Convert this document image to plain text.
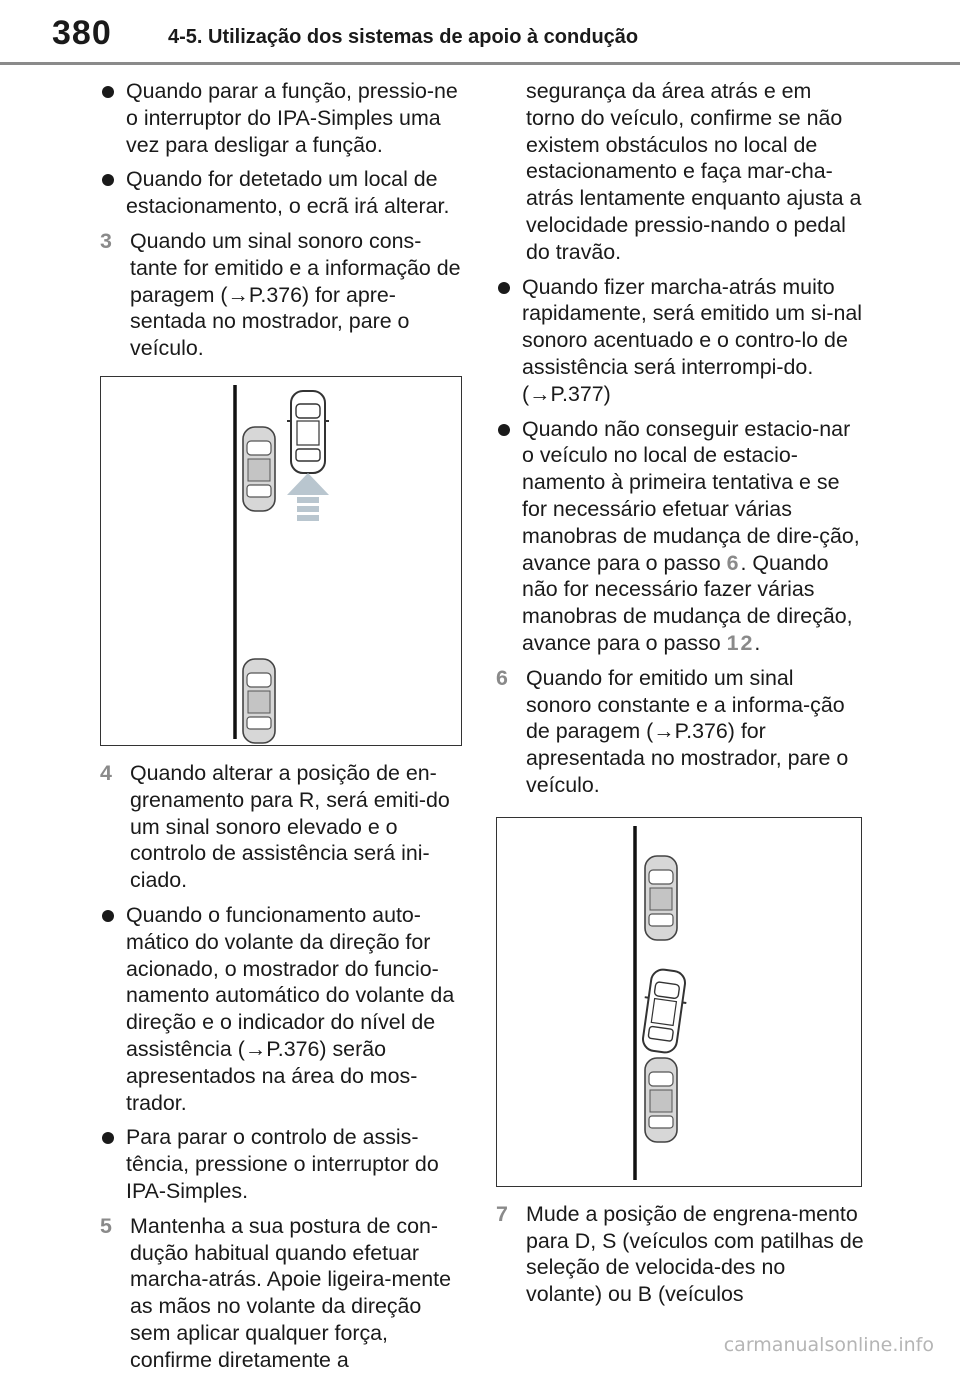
380	4-5. Utilização dos sistemas de apoio à condução
Quando parar a função, pressio-ne o interruptor do IPA-Simples uma vez para desligar a função.
Quando for detetado um local de estacionamento, o ecrã irá alterar.
3 Quando um sinal sonoro cons-tante for emitido e a informação de paragem (→P.376) for apre-sentada no mostrador, pare o veículo.
4 Quando alterar a posição de en-grenamento para R, será emiti-do um sinal sonoro elevado e o controlo de assistência será ini-ciado.
Quando o funcionamento auto-mático do volante da direção for acionado, o mostrador do funcio-namento automático do volante da direção e o indicador do nível de assistência (→P.376) serão apresentados na área do mos-trador.
Para parar o controlo de assis-tência, pressione o interruptor do IPA-Simples.
5 Mantenha a sua postura de con-dução habitual quando efetuar marcha-atrás. Apoie ligeira-mente as mãos no volante da direção sem aplicar qualquer força, confirme diretamente a
segurança da área atrás e em torno do veículo, confirme se não existem obstáculos no local de estacionamento e faça mar-cha-atrás lentamente enquanto ajusta a velocidade pressio-nando o pedal do travão.
Quando fizer marcha-atrás muito rapidamente, será emitido um si-nal sonoro acentuado e o contro-lo de assistência será interrompi-do. (→P.377)
Quando não conseguir estacio-nar o veículo no local de estacio-namento à primeira tentativa e se for necessário efetuar várias manobras de mudança de dire-ção, avance para o passo 6. Quando não for necessário fazer várias manobras de mudança de direção, avance para o passo 12.
6 Quando for emitido um sinal sonoro constante e a informa-ção de paragem (→P.376) for apresentada no mostrador, pare o veículo.
7 Mude a posição de engrena-mento para D, S (veículos com patilhas de seleção de velocida-des no volante) ou B (veículos
carmanualsonline.info
